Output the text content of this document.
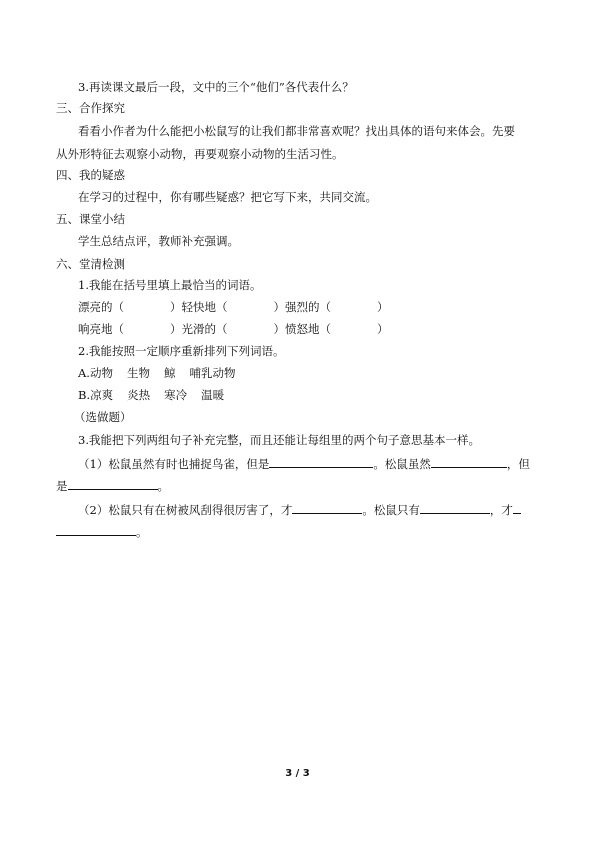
3.再读课文最后一段，文中的三个“他们”各代表什么？
三、合作探究
看看小作者为什么能把小松鼠写的让我们都非常喜欢呢？找出具体的语句来体会。先要
从外形特征去观察小动物，再要观察小动物的生活习性。
四、我的疑惑
在学习的过程中，你有哪些疑惑？把它写下来，共同交流。
五、课堂小结
学生总结点评，教师补充强调。
六、堂清检测
1.我能在括号里填上最恰当的词语。
漂亮的（	）轻快地（	）强烈的（	）
响亮地（	）光滑的（	）愤怒地（	）
2.我能按照一定顺序重新排列下列词语。
A.动物 生物 鲸 哺乳动物
B.凉爽 炎热 寒冷 温暖
（选做题）
3.我能把下列两组句子补充完整，而且还能让每组里的两个句子意思基本一样。
（1）松鼠虽然有时也捕捉鸟雀，但是	。松鼠虽然	，但
是	。
（2）松鼠只有在树被风刮得很厉害了，才	。松鼠只有	，才
。
3 / 3
